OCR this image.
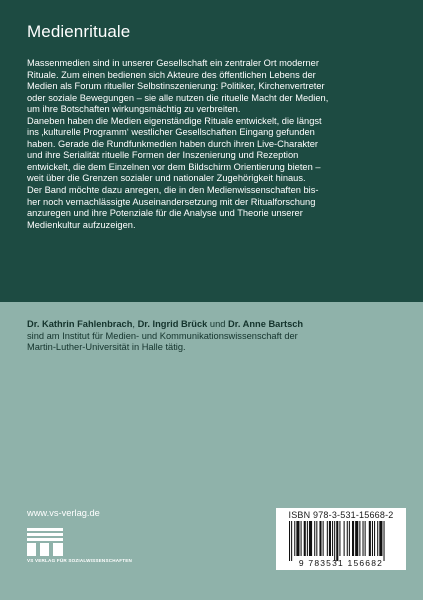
Medienrituale
Massenmedien sind in unserer Gesellschaft ein zentraler Ort moderner
Rituale. Zum einen bedienen sich Akteure des öffentlichen Lebens der
Medien als Forum ritueller Selbstinszenierung: Politiker, Kirchenvertreter
oder soziale Bewegungen – sie alle nutzen die rituelle Macht der Medien,
um ihre Botschaften wirkungsmächtig zu verbreiten.
Daneben haben die Medien eigenständige Rituale entwickelt, die längst
ins ‚kulturelle Programm‘ westlicher Gesellschaften Eingang gefunden
haben. Gerade die Rundfunkmedien haben durch ihren Live-Charakter
und ihre Serialität rituelle Formen der Inszenierung und Rezeption
entwickelt, die dem Einzelnen vor dem Bildschirm Orientierung bieten –
weit über die Grenzen sozialer und nationaler Zugehörigkeit hinaus.
Der Band möchte dazu anregen, die in den Medienwissenschaften bis-
her noch vernachlässigte Auseinandersetzung mit der Ritualforschung
anzuregen und ihre Potenziale für die Analyse und Theorie unserer
Medienkultur aufzuzeigen.
Dr. Kathrin Fahlenbrach, Dr. Ingrid Brück und Dr. Anne Bartsch
sind am Institut für Medien- und Kommunikationswissenschaft der
Martin-Luther-Universität in Halle tätig.
www.vs-verlag.de
VS VERLAG FÜR SOZIALWISSENSCHAFTEN
ISBN 978-3-531-15668-2
9 783531 156682
